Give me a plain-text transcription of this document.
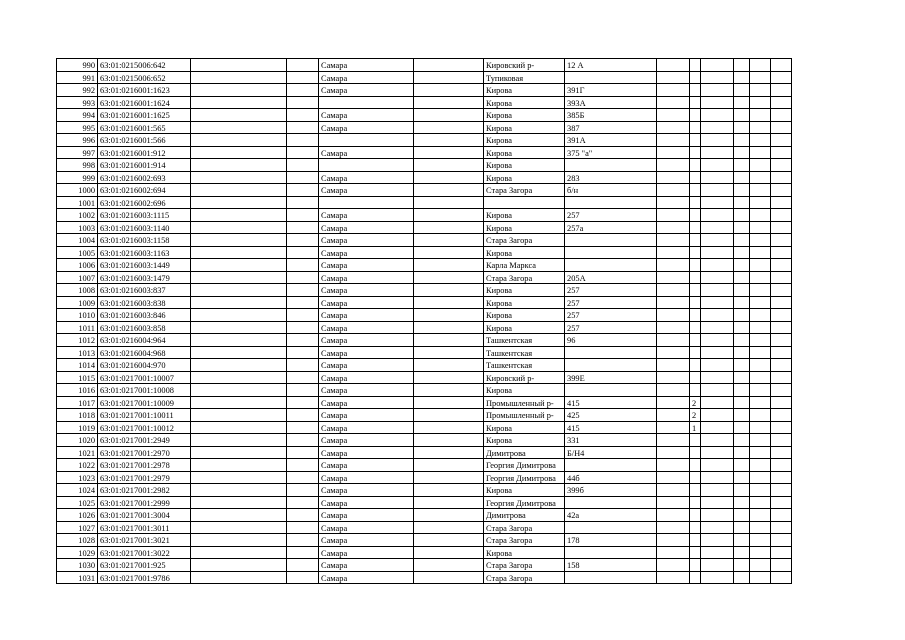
990	63:01:0215006:642			Самара		Кировский р-	12 А						
991	63:01:0215006:652			Самара		Тупиковая							
992	63:01:0216001:1623			Самара		Кирова	391Г						
993	63:01:0216001:1624					Кирова	393А						
994	63:01:0216001:1625			Самара		Кирова	385Б						
995	63:01:0216001:565			Самара		Кирова	387						
996	63:01:0216001:566					Кирова	391А						
997	63:01:0216001:912			Самара		Кирова	375 "а"						
998	63:01:0216001:914					Кирова							
999	63:01:0216002:693			Самара		Кирова	283						
1000	63:01:0216002:694			Самара		Стара Загора	б/н						
1001	63:01:0216002:696												
1002	63:01:0216003:1115			Самара		Кирова	257						
1003	63:01:0216003:1140			Самара		Кирова	257а						
1004	63:01:0216003:1158			Самара		Стара Загора							
1005	63:01:0216003:1163			Самара		Кирова							
1006	63:01:0216003:1449			Самара		Карла Маркса							
1007	63:01:0216003:1479			Самара		Стара Загора	205А						
1008	63:01:0216003:837			Самара		Кирова	257						
1009	63:01:0216003:838			Самара		Кирова	257						
1010	63:01:0216003:846			Самара		Кирова	257						
1011	63:01:0216003:858			Самара		Кирова	257						
1012	63:01:0216004:964			Самара		Ташкентская	96						
1013	63:01:0216004:968			Самара		Ташкентская							
1014	63:01:0216004:970			Самара		Ташкентская							
1015	63:01:0217001:10007			Самара		Кировский р-	399Е						
1016	63:01:0217001:10008			Самара		Кирова							
1017	63:01:0217001:10009			Самара		Промышленный р-	415		2				
1018	63:01:0217001:10011			Самара		Промышленный р-	425		2				
1019	63:01:0217001:10012			Самара		Кирова	415		1				
1020	63:01:0217001:2949			Самара		Кирова	331						
1021	63:01:0217001:2970			Самара		Димитрова	Б/Н4						
1022	63:01:0217001:2978			Самара		Георгия Димитрова							
1023	63:01:0217001:2979			Самара		Георгия Димитрова	44б						
1024	63:01:0217001:2982			Самара		Кирова	399б						
1025	63:01:0217001:2999			Самара		Георгия Димитрова							
1026	63:01:0217001:3004			Самара		Димитрова	42а						
1027	63:01:0217001:3011			Самара		Стара Загора							
1028	63:01:0217001:3021			Самара		Стара Загора	178						
1029	63:01:0217001:3022			Самара		Кирова							
1030	63:01:0217001:925			Самара		Стара Загора	158						
1031	63:01:0217001:9786			Самара		Стара Загора							
